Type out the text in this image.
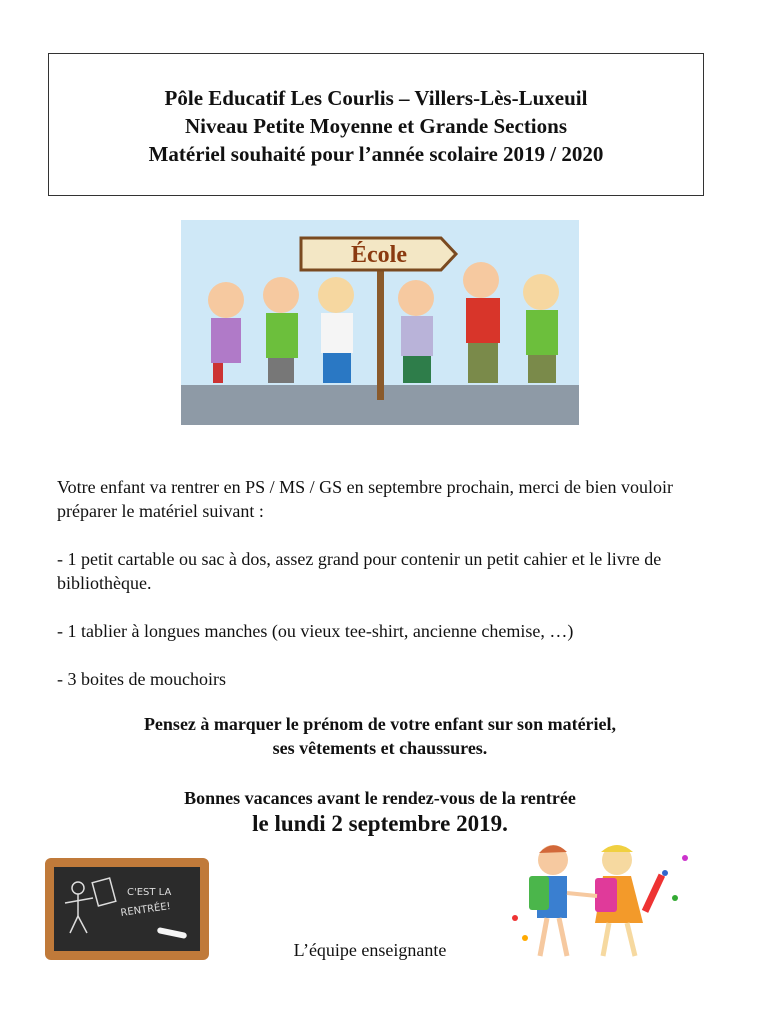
Pôle Educatif Les Courlis – Villers-Lès-Luxeuil
Niveau Petite Moyenne et Grande Sections
Matériel souhaité pour l’année scolaire 2019 / 2020
École
Votre enfant va rentrer en PS / MS / GS en septembre prochain, merci de bien vouloir préparer le matériel suivant :
- 1 petit cartable ou sac à dos, assez grand pour contenir un petit cahier et le livre de bibliothèque.
- 1 tablier à longues manches (ou vieux tee-shirt, ancienne chemise, …)
- 3 boites de mouchoirs
Pensez à marquer le prénom de votre enfant sur son matériel,
ses vêtements et chaussures.
Bonnes vacances avant le rendez-vous de la rentrée
le lundi 2 septembre 2019.
C'EST LA
RENTRÉE!
L’équipe enseignante
